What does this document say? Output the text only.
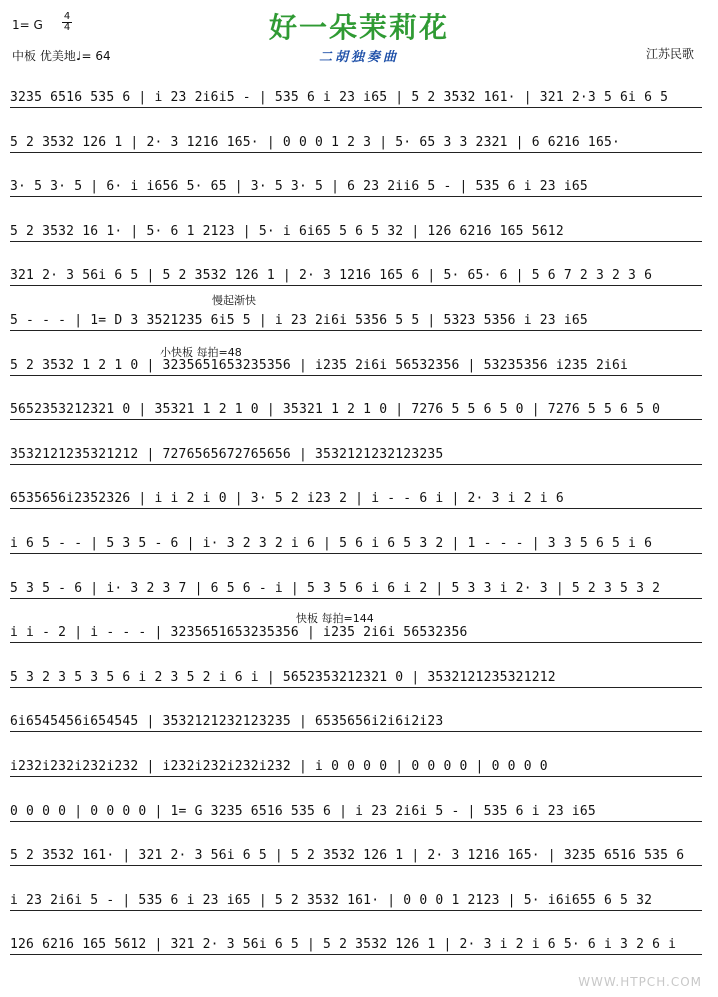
好一朵茉莉花
二胡独奏曲
1= G $\frac{4}{4}$
中板 优美地♩= 64	江苏民歌
慢起渐快
小快板 每拍=48
快板 每拍=144
3235 6516 535 6 | i 23 2i6i5 - | 535 6 i 23 i65 | 5 2 3532 161· | 321 2·3 5 6i 6 5
5 2 3532 126 1 | 2· 3 1216 165· | 0 0 0 1 2 3 | 5· 65 3 3 2321 | 6 6216 165·
3· 5 3· 5 | 6· i i656 5· 65 | 3· 5 3· 5 | 6 23 2ii6 5 - | 535 6 i 23 i65
5 2 3532 16 1· | 5· 6 1 2123 | 5· i 6i65 5 6 5 32 | 126 6216 165 5612
321 2· 3 56i 6 5 | 5 2 3532 126 1 | 2· 3 1216 165 6 | 5· 65· 6 | 5 6 7 2 3 2 3 6
5 - - - | 1= D 3 3521235 6i5 5 | i 23 2i6i 5356 5 5 | 5323 5356 i 23 i65
5 2 3532 1 2 1 0 | 3235651653235356 | i235 2i6i 56532356 | 53235356 i235 2i6i
5652353212321 0 | 35321 1 2 1 0 | 35321 1 2 1 0 | 7276 5 5 6 5 0 | 7276 5 5 6 5 0
3532121235321212 | 7276565672765656 | 3532121232123235
6535656i2352326 | i i 2 i 0 | 3· 5 2 i23 2 | i - - 6 i | 2· 3 i 2 i 6
i 6 5 - - | 5 3 5 - 6 | i· 3 2 3 2 i 6 | 5 6 i 6 5 3 2 | 1 - - - | 3 3 5 6 5 i 6
5 3 5 - 6 | i· 3 2 3 7 | 6 5 6 - i | 5 3 5 6 i 6 i 2 | 5 3 3 i 2· 3 | 5 2 3 5 3 2
i i - 2 | i - - - | 3235651653235356 | i235 2i6i 56532356
5 3 2 3 5 3 5 6 i 2 3 5 2 i 6 i | 5652353212321 0 | 3532121235321212
6i6545456i654545 | 3532121232123235 | 6535656i2i6i2i23
i232i232i232i232 | i232i232i232i232 | i 0 0 0 0 | 0 0 0 0 | 0 0 0 0
0 0 0 0 | 0 0 0 0 | 1= G 3235 6516 535 6 | i 23 2i6i 5 - | 535 6 i 23 i65
5 2 3532 161· | 321 2· 3 56i 6 5 | 5 2 3532 126 1 | 2· 3 1216 165· | 3235 6516 535 6
i 23 2i6i 5 - | 535 6 i 23 i65 | 5 2 3532 161· | 0 0 0 1 2123 | 5· i6i655 6 5 32
126 6216 165 5612 | 321 2· 3 56i 6 5 | 5 2 3532 126 1 | 2· 3 i 2 i 6 5· 6 i 3 2 6 i
WWW.HTPCH.COM
